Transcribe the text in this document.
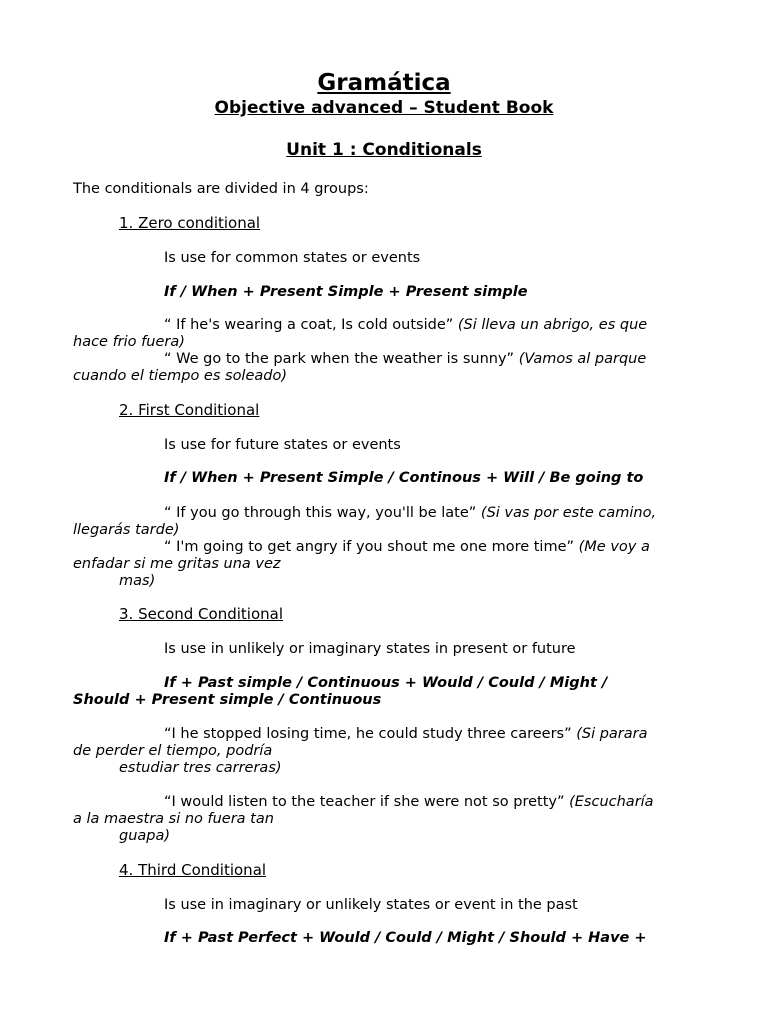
Gramática
Objective advanced – Student Book
Unit 1 : Conditionals
The conditionals are divided in 4 groups:
1. Zero conditional
Is use for common states or events
If / When + Present Simple + Present simple
“ If he's wearing a coat, Is cold outside” (Si lleva un abrigo, es que
hace frio fuera)
“ We go to the park when the weather is sunny” (Vamos al parque
cuando el tiempo es soleado)
2. First Conditional
Is use for future states or events
If / When + Present Simple / Continous + Will / Be going to
“ If you go through this way, you'll be late” (Si vas por este camino,
llegarás tarde)
“ I'm going to get angry if you shout me one more time” (Me voy a
enfadar si me gritas una vez
mas)
3. Second Conditional
Is use in unlikely or imaginary states in present or future
If + Past simple / Continuous + Would / Could / Might /
Should + Present simple / Continuous
“I he stopped losing time, he could study three careers” (Si parara
de perder el tiempo, podría
estudiar tres carreras)
“I would listen to the teacher if she were not so pretty” (Escucharía
a la maestra si no fuera tan
guapa)
4. Third Conditional
Is use in imaginary or unlikely states or event in the past
If + Past Perfect + Would / Could / Might / Should + Have +
